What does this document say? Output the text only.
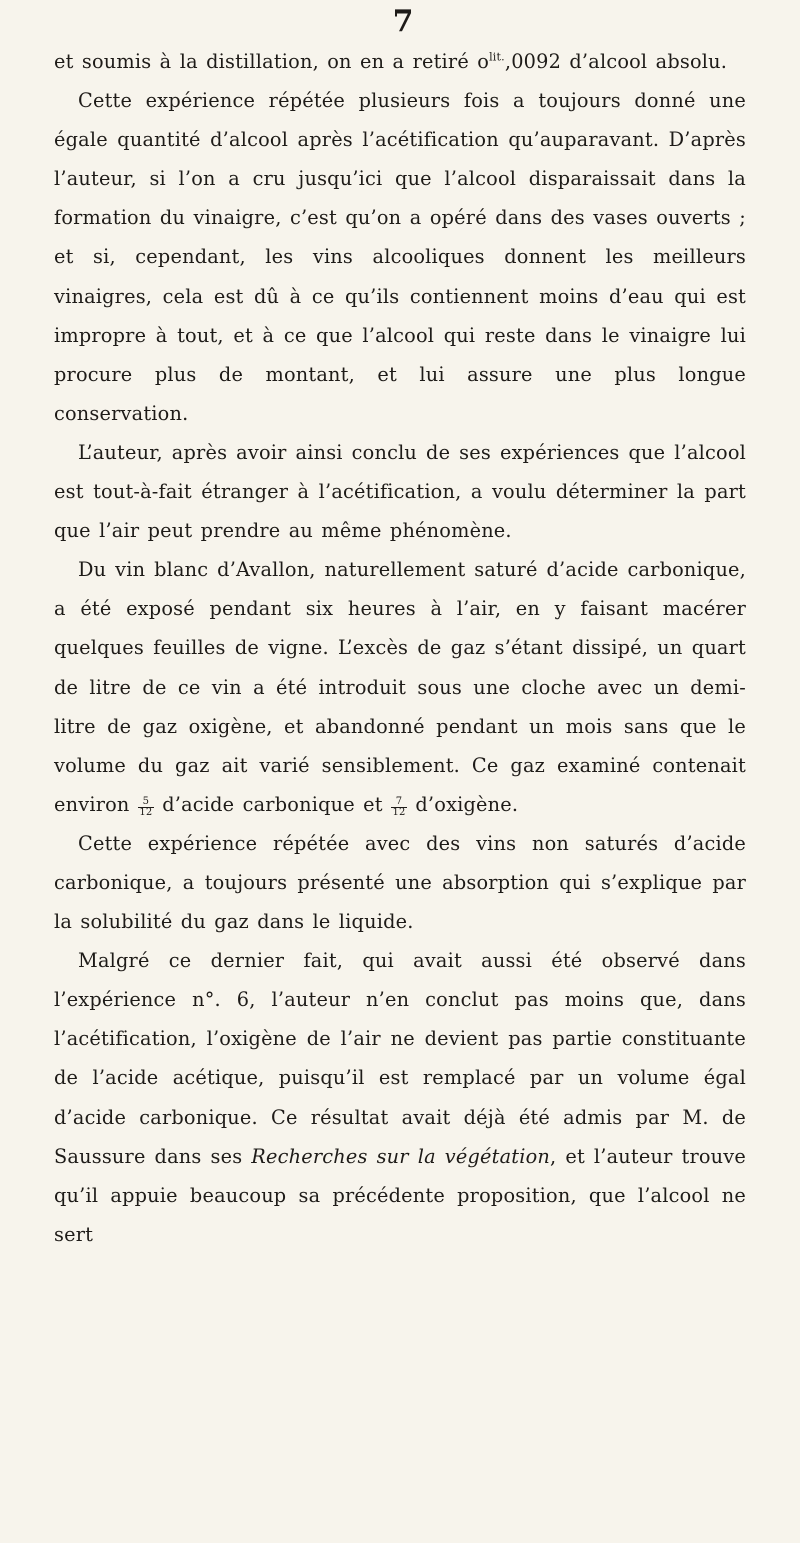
7

et soumis à la distillation, on en a retiré $o^{lit.},0092$ d’alcool absolu.

Cette expérience répétée plusieurs fois a toujours donné une égale quantité d’alcool après l’acétification qu’auparavant. D’après l’auteur, si l’on a cru jusqu’ici que l’alcool disparaissait dans la formation du vinaigre, c’est qu’on a opéré dans des vases ouverts ; et si, cependant, les vins alcooliques donnent les meilleurs vinaigres, cela est dû à ce qu’ils contiennent moins d’eau qui est impropre à tout, et à ce que l’alcool qui reste dans le vinaigre lui procure plus de montant, et lui assure une plus longue conservation.

L’auteur, après avoir ainsi conclu de ses expériences que l’alcool est tout-à-fait étranger à l’acétification, a voulu déterminer la part que l’air peut prendre au même phénomène.

Du vin blanc d’Avallon, naturellement saturé d’acide carbonique, a été exposé pendant six heures à l’air, en y faisant macérer quelques feuilles de vigne. L’excès de gaz s’étant dissipé, un quart de litre de ce vin a été introduit sous une cloche avec un demi-litre de gaz oxigène, et abandonné pendant un mois sans que le volume du gaz ait varié sensiblement. Ce gaz examiné contenait environ $\frac{5}{12}$ d’acide carbonique et $\frac{7}{12}$ d’oxigène.

Cette expérience répétée avec des vins non saturés d’acide carbonique, a toujours présenté une absorption qui s’explique par la solubilité du gaz dans le liquide.

Malgré ce dernier fait, qui avait aussi été observé dans l’expérience n°. 6, l’auteur n’en conclut pas moins que, dans l’acétification, l’oxigène de l’air ne devient pas partie constituante de l’acide acétique, puisqu’il est remplacé par un volume égal d’acide carbonique. Ce résultat avait déjà été admis par M. de Saussure dans ses Recherches sur la végétation, et l’auteur trouve qu’il appuie beaucoup sa précédente proposition, que l’alcool ne sert
